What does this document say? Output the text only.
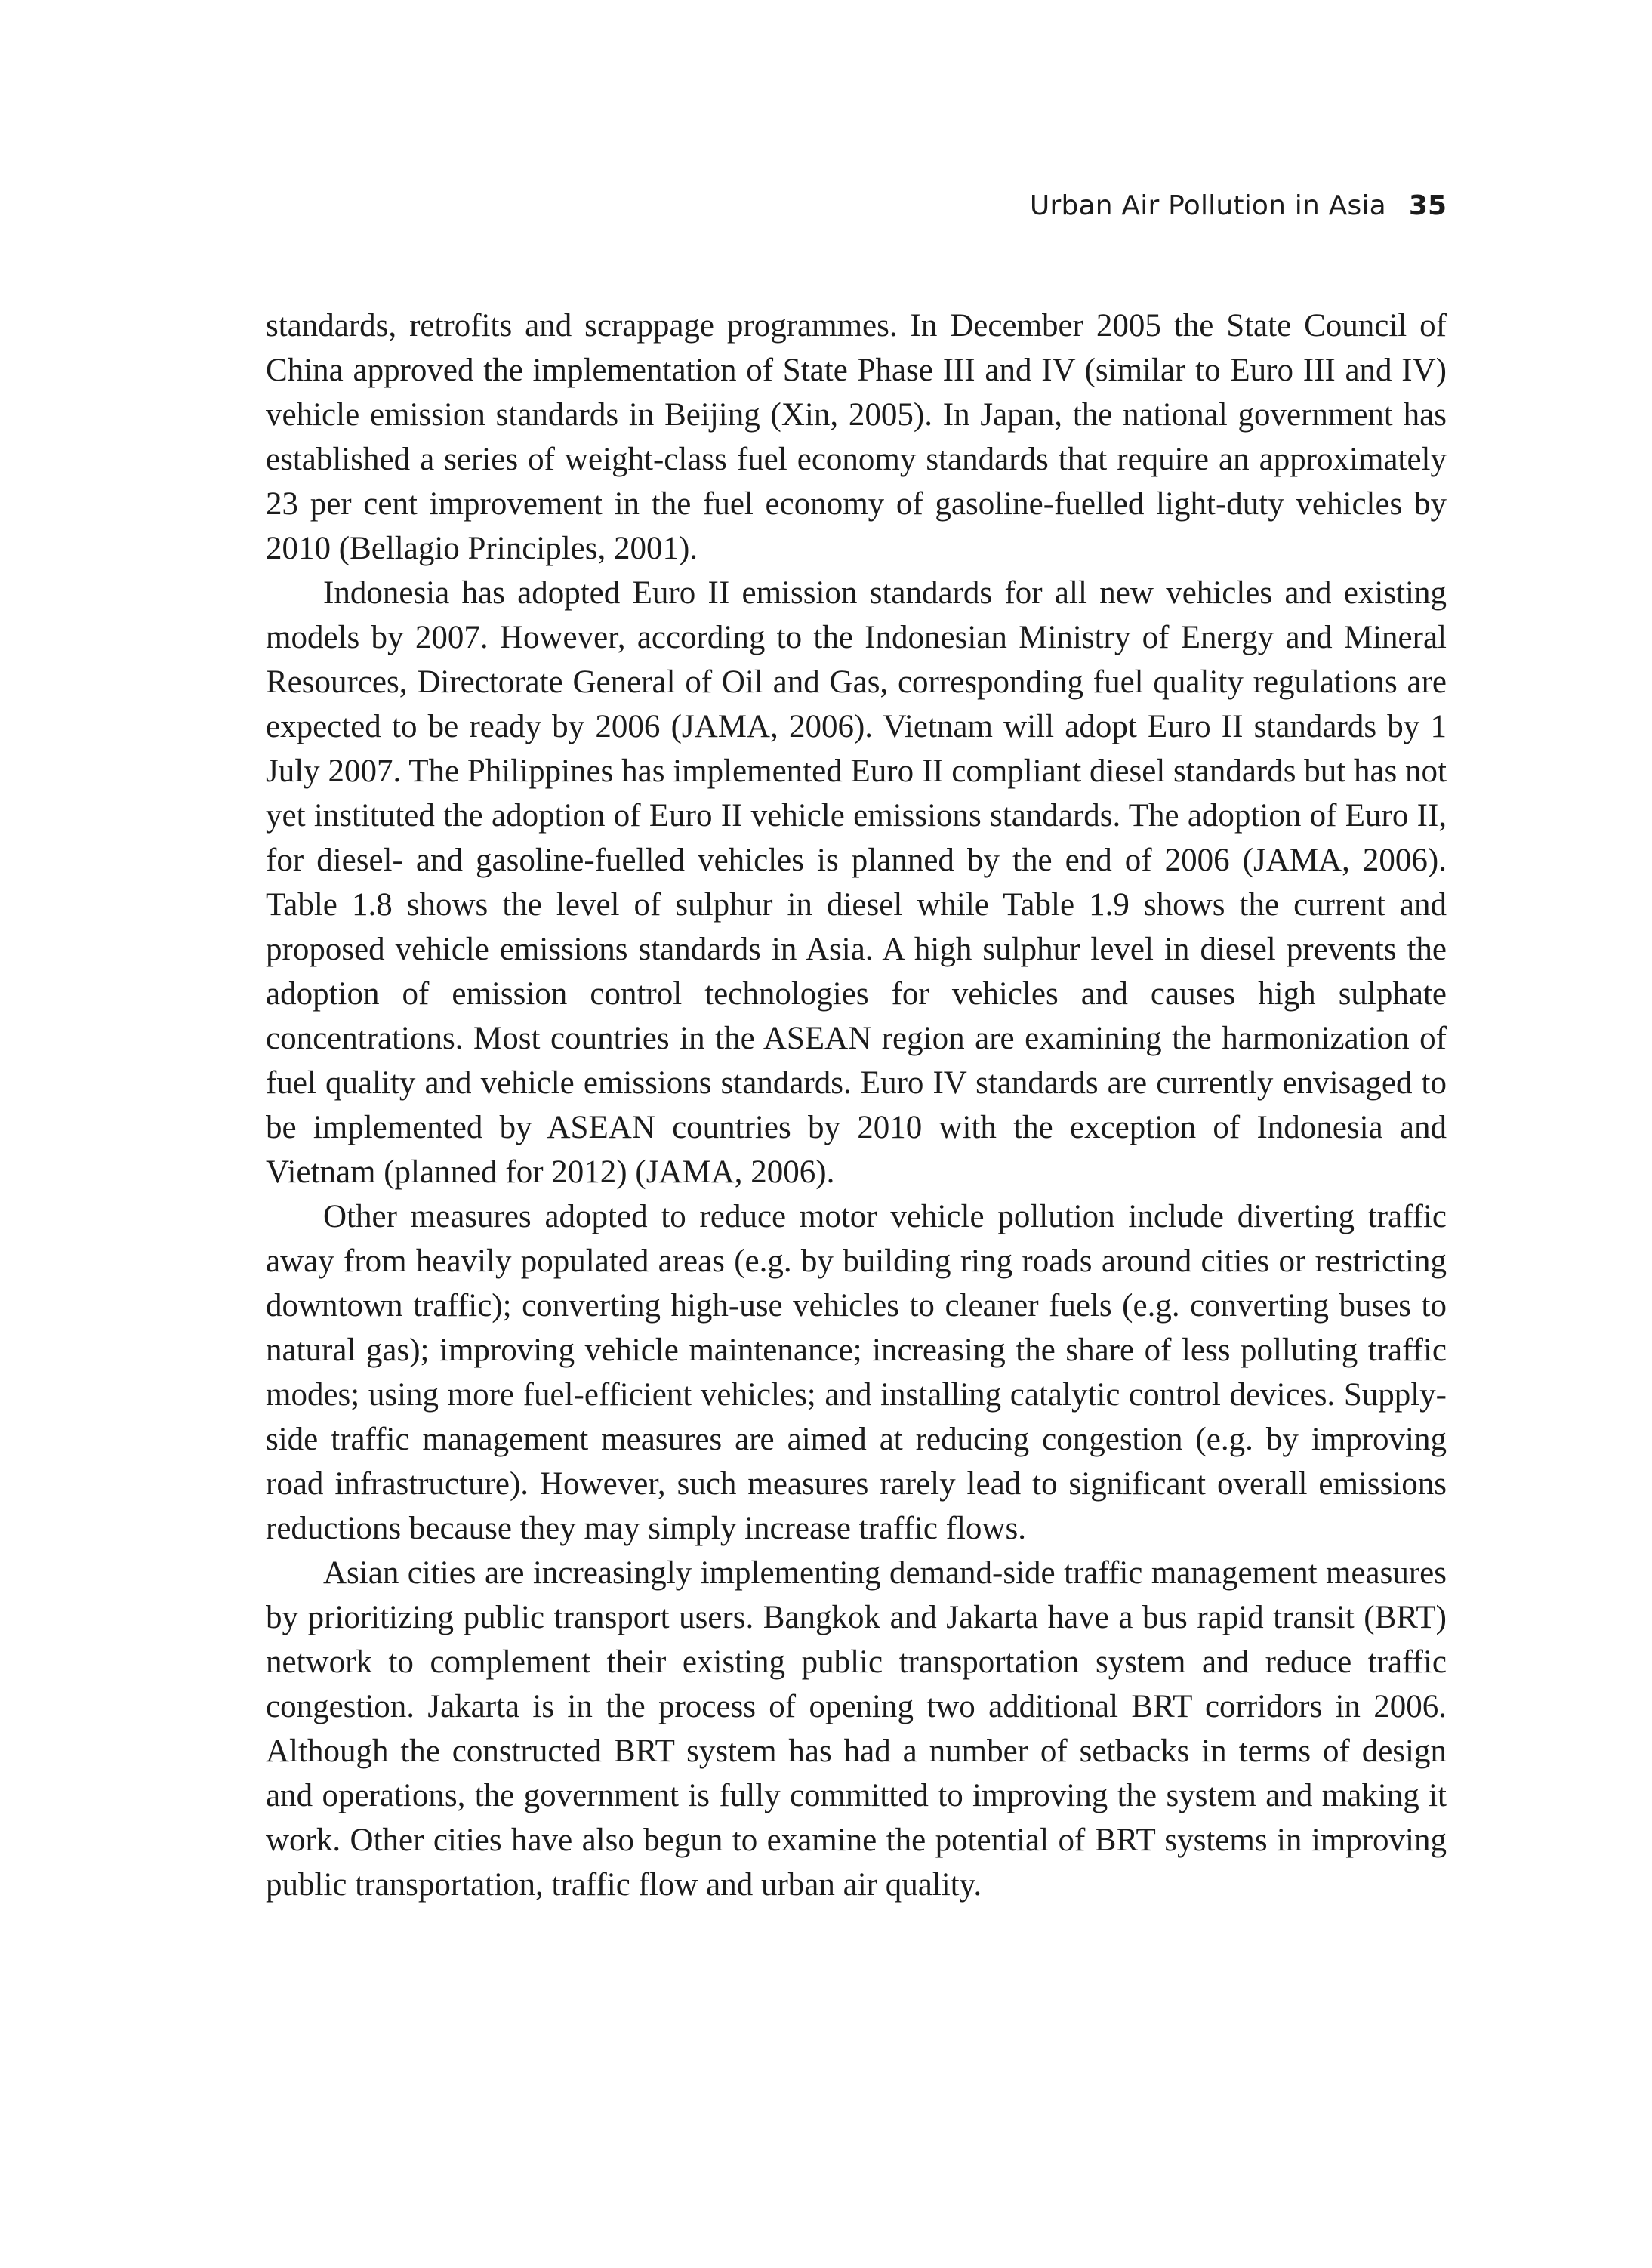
Urban Air Pollution in Asia 35

standards, retrofits and scrappage programmes. In December 2005 the State Council of China approved the implementation of State Phase III and IV (similar to Euro III and IV) vehicle emission standards in Beijing (Xin, 2005). In Japan, the national government has established a series of weight-class fuel economy standards that require an approximately 23 per cent improvement in the fuel economy of gasoline-fuelled light-duty vehicles by 2010 (Bellagio Principles, 2001).

Indonesia has adopted Euro II emission standards for all new vehicles and existing models by 2007. However, according to the Indonesian Ministry of Energy and Mineral Resources, Directorate General of Oil and Gas, corresponding fuel quality regulations are expected to be ready by 2006 (JAMA, 2006). Vietnam will adopt Euro II standards by 1 July 2007. The Philippines has implemented Euro II compliant diesel standards but has not yet instituted the adoption of Euro II vehicle emissions standards. The adoption of Euro II, for diesel- and gasoline-fuelled vehicles is planned by the end of 2006 (JAMA, 2006). Table 1.8 shows the level of sulphur in diesel while Table 1.9 shows the current and proposed vehicle emissions standards in Asia. A high sulphur level in diesel prevents the adoption of emission control technologies for vehicles and causes high sulphate concentrations. Most countries in the ASEAN region are examining the harmonization of fuel quality and vehicle emissions standards. Euro IV standards are currently envisaged to be implemented by ASEAN countries by 2010 with the exception of Indonesia and Vietnam (planned for 2012) (JAMA, 2006).

Other measures adopted to reduce motor vehicle pollution include diverting traffic away from heavily populated areas (e.g. by building ring roads around cities or restricting downtown traffic); converting high-use vehicles to cleaner fuels (e.g. converting buses to natural gas); improving vehicle maintenance; increasing the share of less polluting traffic modes; using more fuel-efficient vehicles; and installing catalytic control devices. Supply-side traffic management measures are aimed at reducing congestion (e.g. by improving road infrastructure). However, such measures rarely lead to significant overall emissions reductions because they may simply increase traffic flows.

Asian cities are increasingly implementing demand-side traffic management measures by prioritizing public transport users. Bangkok and Jakarta have a bus rapid transit (BRT) network to complement their existing public transportation system and reduce traffic congestion. Jakarta is in the process of opening two additional BRT corridors in 2006. Although the constructed BRT system has had a number of setbacks in terms of design and operations, the government is fully committed to improving the system and making it work. Other cities have also begun to examine the potential of BRT systems in improving public transportation, traffic flow and urban air quality.
